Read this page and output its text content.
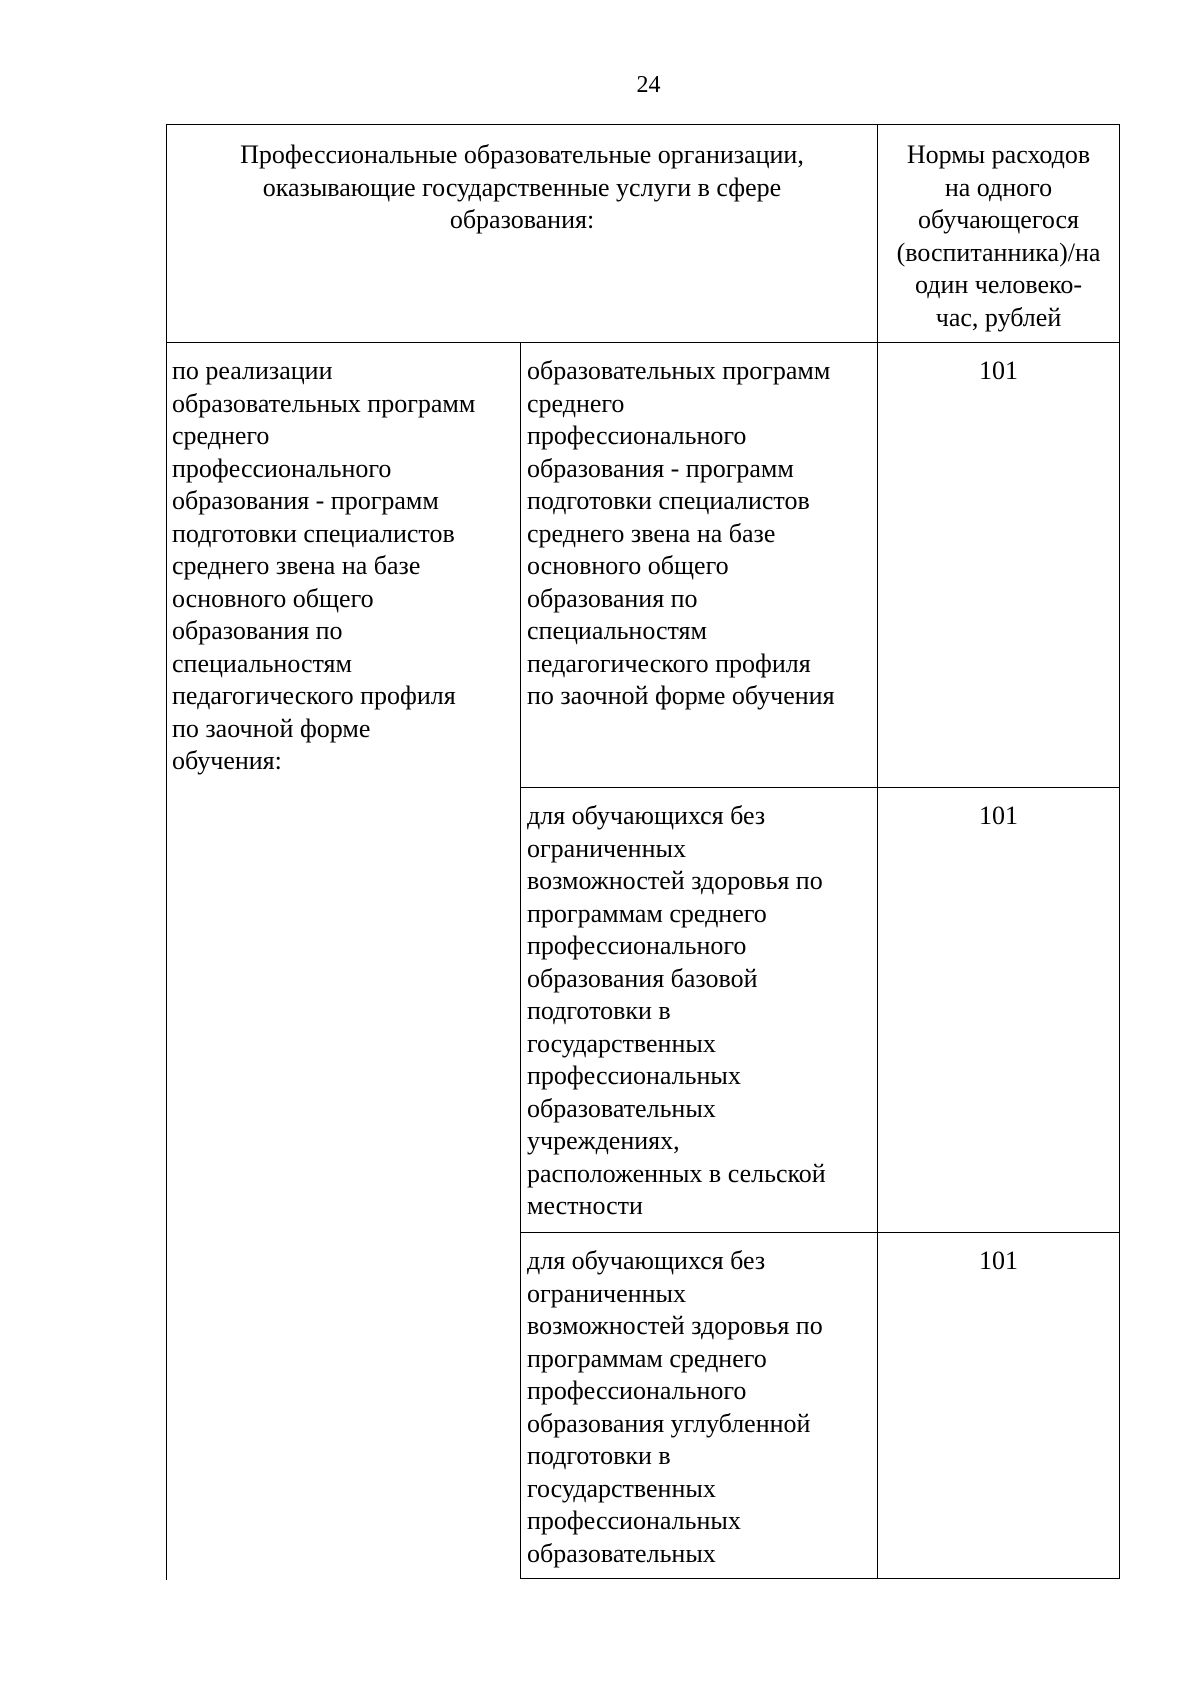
24
Профессиональные образовательные организации,
оказывающие государственные услуги в сфере
образования:
Нормы расходов
на одного
обучающегося
(воспитанника)/на
один человеко-
час, рублей
по реализации
образовательных программ
среднего
профессионального
образования - программ
подготовки специалистов
среднего звена на базе
основного общего
образования по
специальностям
педагогического профиля
по заочной форме
обучения:
образовательных программ
среднего
профессионального
образования - программ
подготовки специалистов
среднего звена на базе
основного общего
образования по
специальностям
педагогического профиля
по заочной форме обучения
101
для обучающихся без
ограниченных
возможностей здоровья по
программам среднего
профессионального
образования базовой
подготовки в
государственных
профессиональных
образовательных
учреждениях,
расположенных в сельской
местности
101
для обучающихся без
ограниченных
возможностей здоровья по
программам среднего
профессионального
образования углубленной
подготовки в
государственных
профессиональных
образовательных
101
